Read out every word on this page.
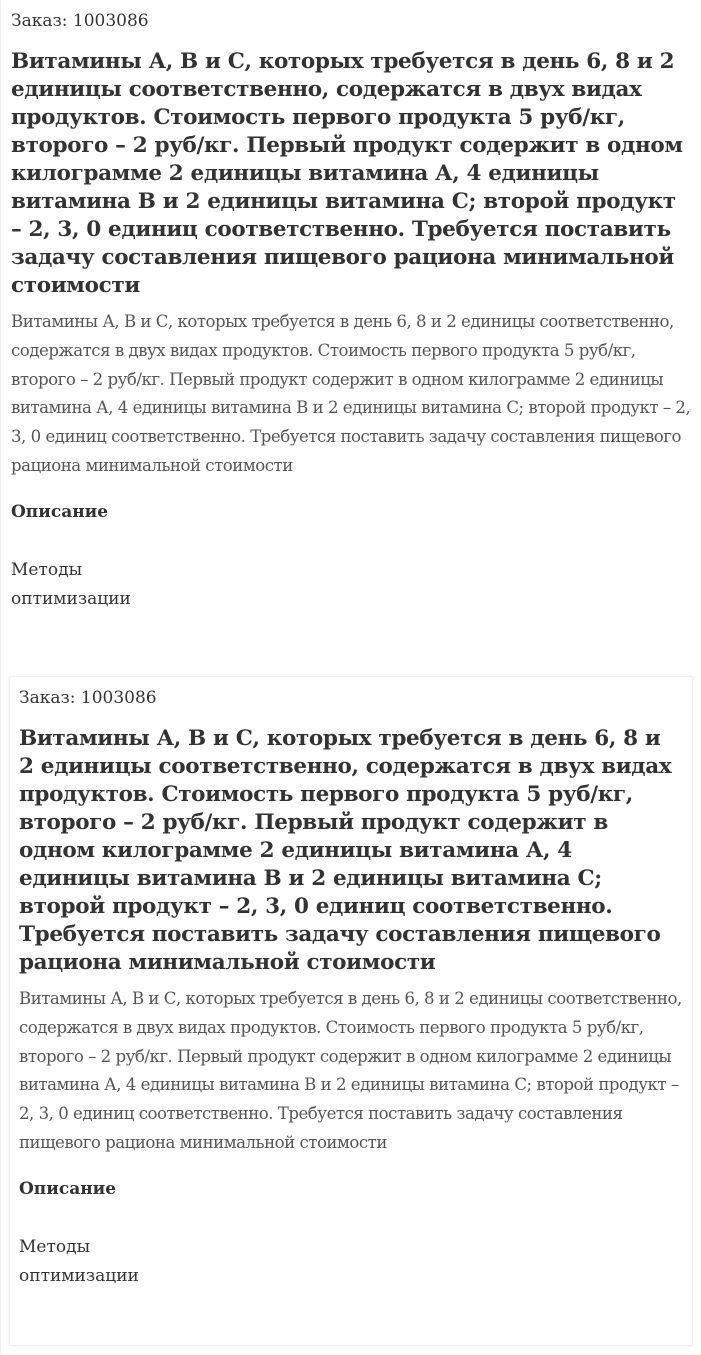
Заказ: 1003086
Витамины А, В и С, которых требуется в день 6, 8 и 2 единицы соответственно, содержатся в двух видах продуктов. Стоимость первого продукта 5 руб/кг, второго – 2 руб/кг. Первый продукт содержит в одном килограмме 2 единицы витамина А, 4 единицы витамина В и 2 единицы витамина С; второй продукт – 2, 3, 0 единиц соответственно. Требуется поставить задачу составления пищевого рациона минимальной стоимости
Витамины А, В и С, которых требуется в день 6, 8 и 2 единицы соответственно, содержатся в двух видах продуктов. Стоимость первого продукта 5 руб/кг, второго – 2 руб/кг. Первый продукт содержит в одном килограмме 2 единицы витамина А, 4 единицы витамина В и 2 единицы витамина С; второй продукт – 2, 3, 0 единиц соответственно. Требуется поставить задачу составления пищевого рациона минимальной стоимости
Описание
Методы оптимизации
Заказ: 1003086
Витамины А, В и С, которых требуется в день 6, 8 и 2 единицы соответственно, содержатся в двух видах продуктов. Стоимость первого продукта 5 руб/кг, второго – 2 руб/кг. Первый продукт содержит в одном килограмме 2 единицы витамина А, 4 единицы витамина В и 2 единицы витамина С; второй продукт – 2, 3, 0 единиц соответственно. Требуется поставить задачу составления пищевого рациона минимальной стоимости
Витамины А, В и С, которых требуется в день 6, 8 и 2 единицы соответственно, содержатся в двух видах продуктов. Стоимость первого продукта 5 руб/кг, второго – 2 руб/кг. Первый продукт содержит в одном килограмме 2 единицы витамина А, 4 единицы витамина В и 2 единицы витамина С; второй продукт – 2, 3, 0 единиц соответственно. Требуется поставить задачу составления пищевого рациона минимальной стоимости
Описание
Методы оптимизации
